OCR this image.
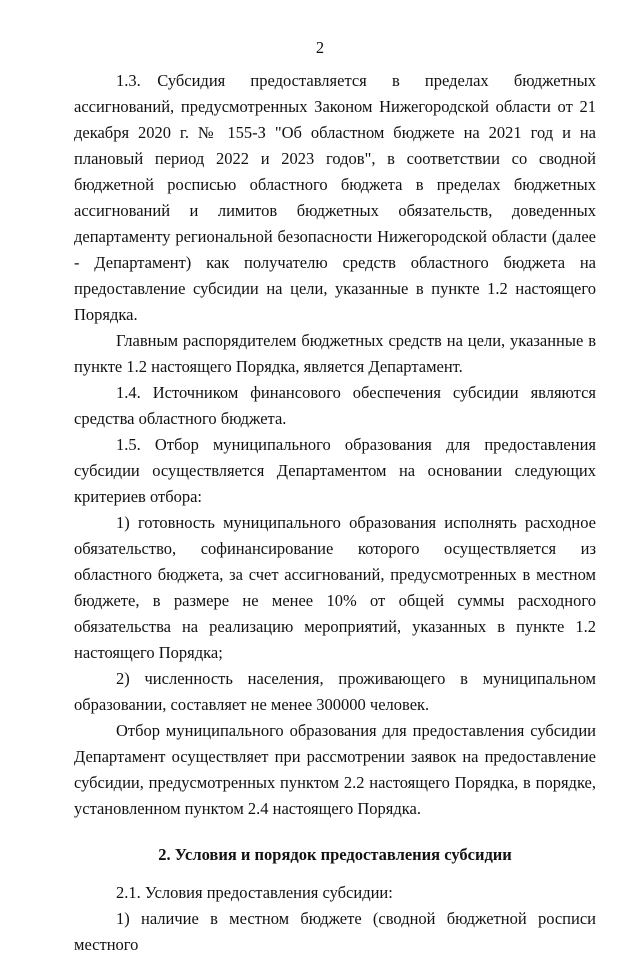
2

1.3. Субсидия предоставляется в пределах бюджетных ассигнований, предусмотренных Законом Нижегородской области от 21 декабря 2020 г. № 155-З "Об областном бюджете на 2021 год и на плановый период 2022 и 2023 годов", в соответствии со сводной бюджетной росписью областного бюджета в пределах бюджетных ассигнований и лимитов бюджетных обязательств, доведенных департаменту региональной безопасности Нижегородской области (далее - Департамент) как получателю средств областного бюджета на предоставление субсидии на цели, указанные в пункте 1.2 настоящего Порядка.

Главным распорядителем бюджетных средств на цели, указанные в пункте 1.2 настоящего Порядка, является Департамент.

1.4. Источником финансового обеспечения субсидии являются средства областного бюджета.

1.5. Отбор муниципального образования для предоставления субсидии осуществляется Департаментом на основании следующих критериев отбора:

1) готовность муниципального образования исполнять расходное обязательство, софинансирование которого осуществляется из областного бюджета, за счет ассигнований, предусмотренных в местном бюджете, в размере не менее 10% от общей суммы расходного обязательства на реализацию мероприятий, указанных в пункте 1.2 настоящего Порядка;

2) численность населения, проживающего в муниципальном образовании, составляет не менее 300000 человек.

Отбор муниципального образования для предоставления субсидии Департамент осуществляет при рассмотрении заявок на предоставление субсидии, предусмотренных пунктом 2.2 настоящего Порядка, в порядке, установленном пунктом 2.4 настоящего Порядка.

2. Условия и порядок предоставления субсидии

2.1. Условия предоставления субсидии:

1) наличие в местном бюджете (сводной бюджетной росписи местного
